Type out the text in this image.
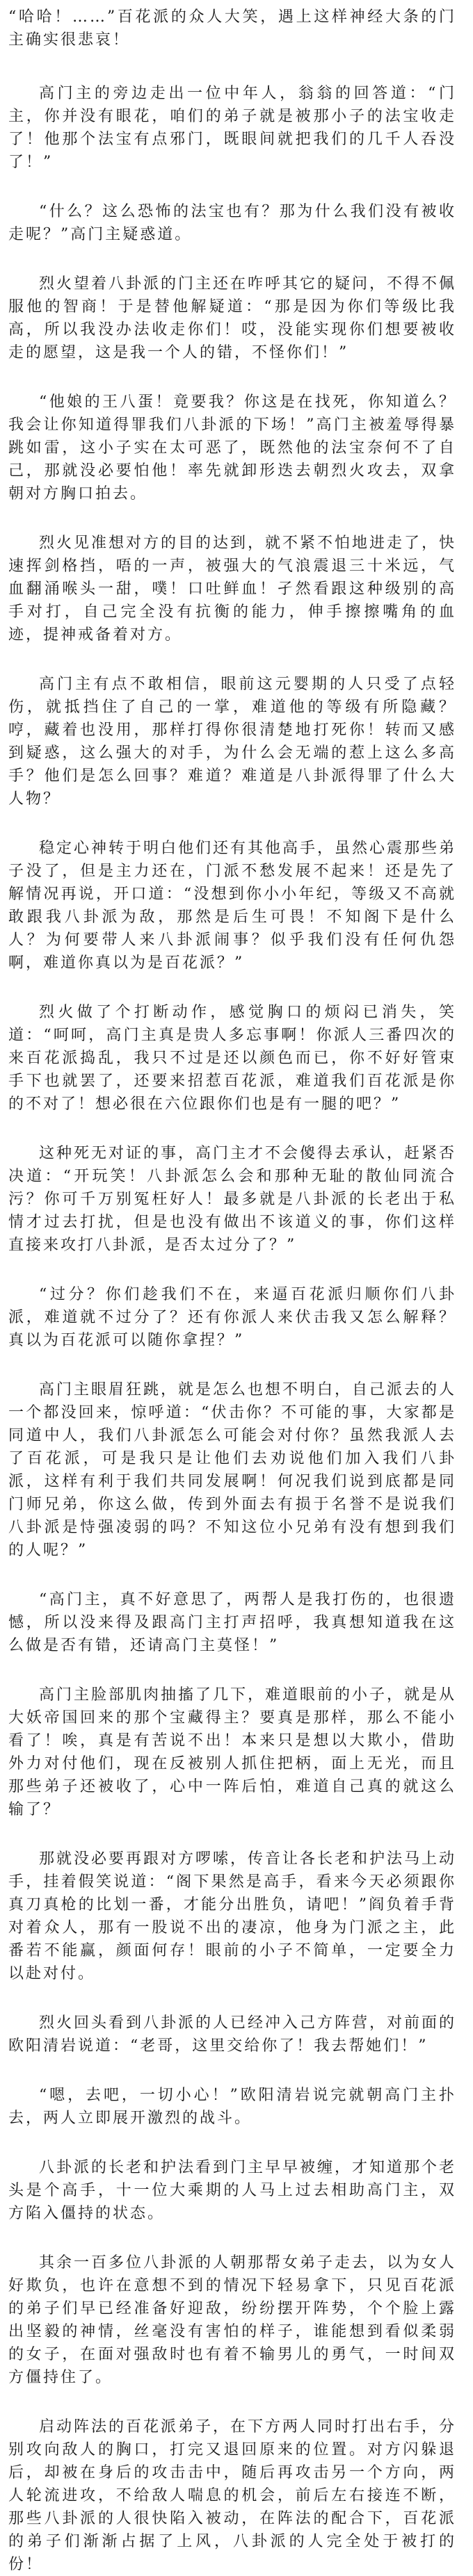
“哈哈！……”百花派的众人大笑，遇上这样神经大条的门主确实很悲哀！

高门主的旁边走出一位中年人，翁翁的回答道：“门主，你并没有眼花，咱们的弟子就是被那小子的法宝收走了！他那个法宝有点邪门，既眼间就把我们的几千人吞没了！”

“什么？这么恐怖的法宝也有？那为什么我们没有被收走呢？”高门主疑惑道。

烈火望着八卦派的门主还在咋呼其它的疑问，不得不佩服他的智商！于是替他解疑道：“那是因为你们等级比我高，所以我没办法收走你们！哎，没能实现你们想要被收走的愿望，这是我一个人的错，不怪你们！”

“他娘的王八蛋！竟要我？你这是在找死，你知道么？我会让你知道得罪我们八卦派的下场！”高门主被羞辱得暴跳如雷，这小子实在太可恶了，既然他的法宝奈何不了自己，那就没必要怕他！率先就卸形迭去朝烈火攻去，双拿朝对方胸口拍去。

烈火见准想对方的目的达到，就不紧不怕地进走了，快速挥剑格挡，唔的一声，被强大的气浪震退三十米远，气血翻涌喉头一甜，噗！口吐鲜血！孑然看跟这种级别的高手对打，自己完全没有抗衡的能力，伸手擦擦嘴角的血迹，提神戒备着对方。

高门主有点不敢相信，眼前这元婴期的人只受了点轻伤，就抵挡住了自己的一掌，难道他的等级有所隐藏？哼，藏着也没用，那样打得你很清楚地打死你！转而又感到疑惑，这么强大的对手，为什么会无端的惹上这么多高手？他们是怎么回事？难道？难道是八卦派得罪了什么大人物？

稳定心神转于明白他们还有其他高手，虽然心震那些弟子没了，但是主力还在，门派不愁发展不起来！还是先了解情况再说，开口道：“没想到你小小年纪，等级又不高就敢跟我八卦派为敌，那然是后生可畏！不知阁下是什么人？为何要带人来八卦派闹事？似乎我们没有任何仇怨啊，难道你真以为是百花派？”

烈火做了个打断动作，感觉胸口的烦闷已消失，笑道：“呵呵，高门主真是贵人多忘事啊！你派人三番四次的来百花派捣乱，我只不过是还以颜色而已，你不好好管束手下也就罢了，还要来招惹百花派，难道我们百花派是你的不对了！想必很在六位跟你们也是有一腿的吧？”

这种死无对证的事，高门主才不会傻得去承认，赶紧否决道：“开玩笑！八卦派怎么会和那种无耻的散仙同流合污？你可千万别冤枉好人！最多就是八卦派的长老出于私情才过去打扰，但是也没有做出不该道义的事，你们这样直接来攻打八卦派，是否太过分了？”

“过分？你们趁我们不在，来逼百花派归顺你们八卦派，难道就不过分了？还有你派人来伏击我又怎么解释？真以为百花派可以随你拿捏？”

高门主眼眉狂跳，就是怎么也想不明白，自己派去的人一个都没回来，惊呼道：“伏击你？不可能的事，大家都是同道中人，我们八卦派怎么可能会对付你？虽然我派人去了百花派，可是我只是让他们去劝说他们加入我们八卦派，这样有利于我们共同发展啊！何况我们说到底都是同门师兄弟，你这么做，传到外面去有损于名誉不是说我们八卦派是恃强凌弱的吗？不知这位小兄弟有没有想到我们的人呢？”

“高门主，真不好意思了，两帮人是我打伤的，也很遗憾，所以没来得及跟高门主打声招呼，我真想知道我在这么做是否有错，还请高门主莫怪！”

高门主脸部肌肉抽搐了几下，难道眼前的小子，就是从大妖帝国回来的那个宝藏得主？要真是那样，那么不能小看了！唉，真是有苦说不出！本来只是想以大欺小，借助外力对付他们，现在反被别人抓住把柄，面上无光，而且那些弟子还被收了，心中一阵后怕，难道自己真的就这么输了？

那就没必要再跟对方啰嗦，传音让各长老和护法马上动手，挂着假笑说道：“阁下果然是高手，看来今天必须跟你真刀真枪的比划一番，才能分出胜负，请吧！”阎负着手背对着众人，那有一股说不出的凄凉，他身为门派之主，此番若不能赢，颜面何存！眼前的小子不简单，一定要全力以赴对付。

烈火回头看到八卦派的人已经冲入己方阵营，对前面的欧阳清岩说道：“老哥，这里交给你了！我去帮她们！”

“嗯，去吧，一切小心！”欧阳清岩说完就朝高门主扑去，两人立即展开激烈的战斗。

八卦派的长老和护法看到门主早早被缠，才知道那个老头是个高手，十一位大乘期的人马上过去相助高门主，双方陷入僵持的状态。

其余一百多位八卦派的人朝那帮女弟子走去，以为女人好欺负，也许在意想不到的情况下轻易拿下，只见百花派的弟子们早已经准备好迎敌，纷纷摆开阵势，个个脸上露出坚毅的神情，丝毫没有害怕的样子，谁能想到看似柔弱的女子，在面对强敌时也有着不输男儿的勇气，一时间双方僵持住了。

启动阵法的百花派弟子，在下方两人同时打出右手，分别攻向敌人的胸口，打完又退回原来的位置。对方闪躲退后，却被在身后的攻击击中，随后再攻击另一个方向，两人轮流进攻，不给敌人喘息的机会，前后左右接连不断，那些八卦派的人很快陷入被动，在阵法的配合下，百花派的弟子们渐渐占据了上风，八卦派的人完全处于被打的份！
